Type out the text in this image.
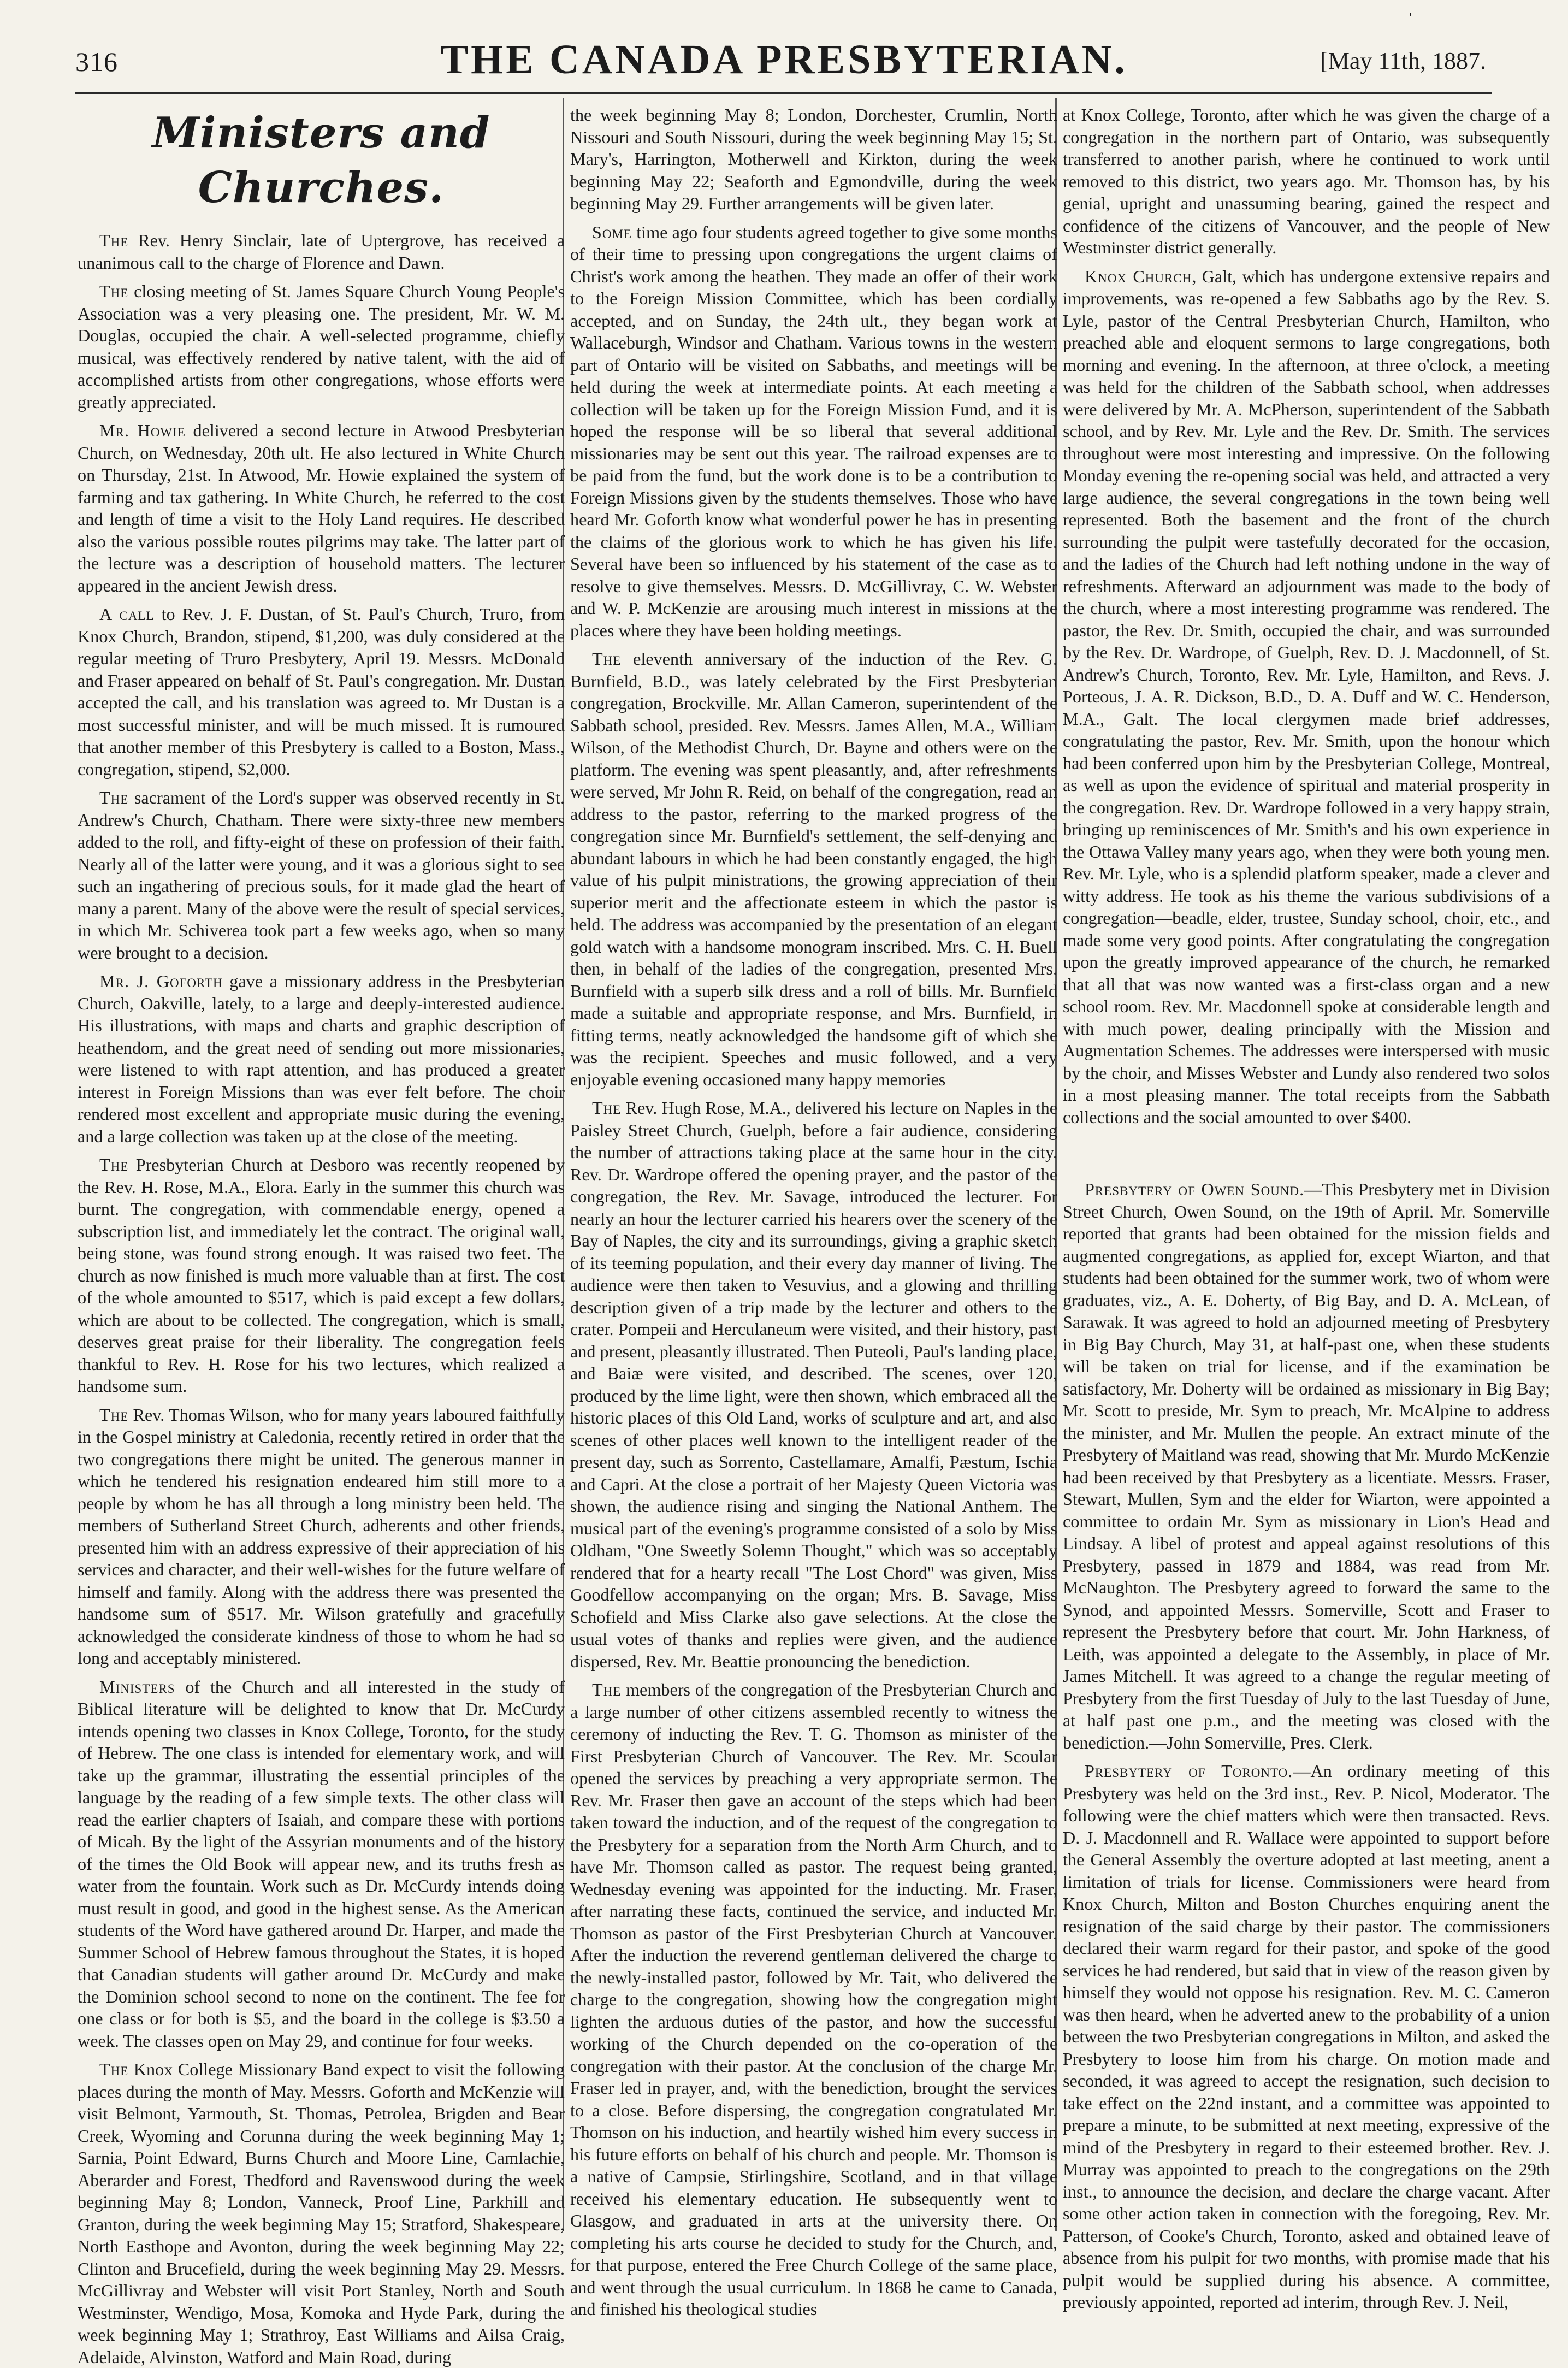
'
316	THE CANADA PRESBYTERIAN.	[May 11th, 1887.
Ministers and Churches.

The Rev. Henry Sinclair, late of Uptergrove, has received a unanimous call to the charge of Florence and Dawn.

The closing meeting of St. James Square Church Young People's Association was a very pleasing one. The president, Mr. W. M. Douglas, occupied the chair. A well-selected programme, chiefly musical, was effectively rendered by native talent, with the aid of accomplished artists from other congregations, whose efforts were greatly appreciated.

Mr. Howie delivered a second lecture in Atwood Presbyterian Church, on Wednesday, 20th ult. He also lectured in White Church on Thursday, 21st. In Atwood, Mr. Howie explained the system of farming and tax gathering. In White Church, he referred to the cost and length of time a visit to the Holy Land requires. He described also the various possible routes pilgrims may take. The latter part of the lecture was a description of household matters. The lecturer appeared in the ancient Jewish dress.

A call to Rev. J. F. Dustan, of St. Paul's Church, Truro, from Knox Church, Brandon, stipend, $1,200, was duly considered at the regular meeting of Truro Presbytery, April 19. Messrs. McDonald and Fraser appeared on behalf of St. Paul's congregation. Mr. Dustan accepted the call, and his translation was agreed to. Mr Dustan is a most successful minister, and will be much missed. It is rumoured that another member of this Presbytery is called to a Boston, Mass., congregation, stipend, $2,000.

The sacrament of the Lord's supper was observed recently in St. Andrew's Church, Chatham. There were sixty-three new members added to the roll, and fifty-eight of these on profession of their faith. Nearly all of the latter were young, and it was a glorious sight to see such an ingathering of precious souls, for it made glad the heart of many a parent. Many of the above were the result of special services, in which Mr. Schiverea took part a few weeks ago, when so many were brought to a decision.

Mr. J. Goforth gave a missionary address in the Presbyterian Church, Oakville, lately, to a large and deeply-interested audience. His illustrations, with maps and charts and graphic description of heathendom, and the great need of sending out more missionaries, were listened to with rapt attention, and has produced a greater interest in Foreign Missions than was ever felt before. The choir rendered most excellent and appropriate music during the evening, and a large collection was taken up at the close of the meeting.

The Presbyterian Church at Desboro was recently reopened by the Rev. H. Rose, M.A., Elora. Early in the summer this church was burnt. The congregation, with commendable energy, opened a subscription list, and immediately let the contract. The original wall, being stone, was found strong enough. It was raised two feet. The church as now finished is much more valuable than at first. The cost of the whole amounted to $517, which is paid except a few dollars, which are about to be collected. The congregation, which is small, deserves great praise for their liberality. The congregation feels thankful to Rev. H. Rose for his two lectures, which realized a handsome sum.

The Rev. Thomas Wilson, who for many years laboured faithfully in the Gospel ministry at Caledonia, recently retired in order that the two congregations there might be united. The generous manner in which he tendered his resignation endeared him still more to a people by whom he has all through a long ministry been held. The members of Sutherland Street Church, adherents and other friends, presented him with an address expressive of their appreciation of his services and character, and their well-wishes for the future welfare of himself and family. Along with the address there was presented the handsome sum of $517. Mr. Wilson gratefully and gracefully acknowledged the considerate kindness of those to whom he had so long and acceptably ministered.

Ministers of the Church and all interested in the study of Biblical literature will be delighted to know that Dr. McCurdy intends opening two classes in Knox College, Toronto, for the study of Hebrew. The one class is intended for elementary work, and will take up the grammar, illustrating the essential principles of the language by the reading of a few simple texts. The other class will read the earlier chapters of Isaiah, and compare these with portions of Micah. By the light of the Assyrian monuments and of the history of the times the Old Book will appear new, and its truths fresh as water from the fountain. Work such as Dr. McCurdy intends doing must result in good, and good in the highest sense. As the American students of the Word have gathered around Dr. Harper, and made the Summer School of Hebrew famous throughout the States, it is hoped that Canadian students will gather around Dr. McCurdy and make the Dominion school second to none on the continent. The fee for one class or for both is $5, and the board in the college is $3.50 a week. The classes open on May 29, and continue for four weeks.

The Knox College Missionary Band expect to visit the following places during the month of May. Messrs. Goforth and McKenzie will visit Belmont, Yarmouth, St. Thomas, Petrolea, Brigden and Bear Creek, Wyoming and Corunna during the week beginning May 1; Sarnia, Point Edward, Burns Church and Moore Line, Camlachie, Aberarder and Forest, Thedford and Ravenswood during the week beginning May 8; London, Vanneck, Proof Line, Parkhill and Granton, during the week beginning May 15; Stratford, Shakespeare, North Easthope and Avonton, during the week beginning May 22; Clinton and Brucefield, during the week beginning May 29. Messrs. McGillivray and Webster will visit Port Stanley, North and South Westminster, Wendigo, Mosa, Komoka and Hyde Park, during the week beginning May 1; Strathroy, East Williams and Ailsa Craig, Adelaide, Alvinston, Watford and Main Road, during

the week beginning May 8; London, Dorchester, Crumlin, North Nissouri and South Nissouri, during the week beginning May 15; St. Mary's, Harrington, Motherwell and Kirkton, during the week beginning May 22; Seaforth and Egmondville, during the week beginning May 29. Further arrangements will be given later.

Some time ago four students agreed together to give some months of their time to pressing upon congregations the urgent claims of Christ's work among the heathen. They made an offer of their work to the Foreign Mission Committee, which has been cordially accepted, and on Sunday, the 24th ult., they began work at Wallaceburgh, Windsor and Chatham. Various towns in the western part of Ontario will be visited on Sabbaths, and meetings will be held during the week at intermediate points. At each meeting a collection will be taken up for the Foreign Mission Fund, and it is hoped the response will be so liberal that several additional missionaries may be sent out this year. The railroad expenses are to be paid from the fund, but the work done is to be a contribution to Foreign Missions given by the students themselves. Those who have heard Mr. Goforth know what wonderful power he has in presenting the claims of the glorious work to which he has given his life. Several have been so influenced by his statement of the case as to resolve to give themselves. Messrs. D. McGillivray, C. W. Webster and W. P. McKenzie are arousing much interest in missions at the places where they have been holding meetings.

The eleventh anniversary of the induction of the Rev. G. Burnfield, B.D., was lately celebrated by the First Presbyterian congregation, Brockville. Mr. Allan Cameron, superintendent of the Sabbath school, presided. Rev. Messrs. James Allen, M.A., William Wilson, of the Methodist Church, Dr. Bayne and others were on the platform. The evening was spent pleasantly, and, after refreshments were served, Mr John R. Reid, on behalf of the congregation, read an address to the pastor, referring to the marked progress of the congregation since Mr. Burnfield's settlement, the self-denying and abundant labours in which he had been constantly engaged, the high value of his pulpit ministrations, the growing appreciation of their superior merit and the affectionate esteem in which the pastor is held. The address was accompanied by the presentation of an elegant gold watch with a handsome monogram inscribed. Mrs. C. H. Buell then, in behalf of the ladies of the congregation, presented Mrs. Burnfield with a superb silk dress and a roll of bills. Mr. Burnfield made a suitable and appropriate response, and Mrs. Burnfield, in fitting terms, neatly acknowledged the handsome gift of which she was the recipient. Speeches and music followed, and a very enjoyable evening occasioned many happy memories

The Rev. Hugh Rose, M.A., delivered his lecture on Naples in the Paisley Street Church, Guelph, before a fair audience, considering the number of attractions taking place at the same hour in the city. Rev. Dr. Wardrope offered the opening prayer, and the pastor of the congregation, the Rev. Mr. Savage, introduced the lecturer. For nearly an hour the lecturer carried his hearers over the scenery of the Bay of Naples, the city and its surroundings, giving a graphic sketch of its teeming population, and their every day manner of living. The audience were then taken to Vesuvius, and a glowing and thrilling description given of a trip made by the lecturer and others to the crater. Pompeii and Herculaneum were visited, and their history, past and present, pleasantly illustrated. Then Puteoli, Paul's landing place, and Baiæ were visited, and described. The scenes, over 120, produced by the lime light, were then shown, which embraced all the historic places of this Old Land, works of sculpture and art, and also scenes of other places well known to the intelligent reader of the present day, such as Sorrento, Castellamare, Amalfi, Pæstum, Ischia and Capri. At the close a portrait of her Majesty Queen Victoria was shown, the audience rising and singing the National Anthem. The musical part of the evening's programme consisted of a solo by Miss Oldham, "One Sweetly Solemn Thought," which was so acceptably rendered that for a hearty recall "The Lost Chord" was given, Miss Goodfellow accompanying on the organ; Mrs. B. Savage, Miss Schofield and Miss Clarke also gave selections. At the close the usual votes of thanks and replies were given, and the audience dispersed, Rev. Mr. Beattie pronouncing the benediction.

The members of the congregation of the Presbyterian Church and a large number of other citizens assembled recently to witness the ceremony of inducting the Rev. T. G. Thomson as minister of the First Presbyterian Church of Vancouver. The Rev. Mr. Scoular opened the services by preaching a very appropriate sermon. The Rev. Mr. Fraser then gave an account of the steps which had been taken toward the induction, and of the request of the congregation to the Presbytery for a separation from the North Arm Church, and to have Mr. Thomson called as pastor. The request being granted, Wednesday evening was appointed for the inducting. Mr. Fraser, after narrating these facts, continued the service, and inducted Mr. Thomson as pastor of the First Presbyterian Church at Vancouver. After the induction the reverend gentleman delivered the charge to the newly-installed pastor, followed by Mr. Tait, who delivered the charge to the congregation, showing how the congregation might lighten the arduous duties of the pastor, and how the successful working of the Church depended on the co-operation of the congregation with their pastor. At the conclusion of the charge Mr. Fraser led in prayer, and, with the benediction, brought the services to a close. Before dispersing, the congregation congratulated Mr. Thomson on his induction, and heartily wished him every success in his future efforts on behalf of his church and people. Mr. Thomson is a native of Campsie, Stirlingshire, Scotland, and in that village received his elementary education. He subsequently went to Glasgow, and graduated in arts at the university there. On completing his arts course he decided to study for the Church, and, for that purpose, entered the Free Church College of the same place, and went through the usual curriculum. In 1868 he came to Canada, and finished his theological studies

at Knox College, Toronto, after which he was given the charge of a congregation in the northern part of Ontario, was subsequently transferred to another parish, where he continued to work until removed to this district, two years ago. Mr. Thomson has, by his genial, upright and unassuming bearing, gained the respect and confidence of the citizens of Vancouver, and the people of New Westminster district generally.

Knox Church, Galt, which has undergone extensive repairs and improvements, was re-opened a few Sabbaths ago by the Rev. S. Lyle, pastor of the Central Presbyterian Church, Hamilton, who preached able and eloquent sermons to large congregations, both morning and evening. In the afternoon, at three o'clock, a meeting was held for the children of the Sabbath school, when addresses were delivered by Mr. A. McPherson, superintendent of the Sabbath school, and by Rev. Mr. Lyle and the Rev. Dr. Smith. The services throughout were most interesting and impressive. On the following Monday evening the re-opening social was held, and attracted a very large audience, the several congregations in the town being well represented. Both the basement and the front of the church surrounding the pulpit were tastefully decorated for the occasion, and the ladies of the Church had left nothing undone in the way of refreshments. Afterward an adjournment was made to the body of the church, where a most interesting programme was rendered. The pastor, the Rev. Dr. Smith, occupied the chair, and was surrounded by the Rev. Dr. Wardrope, of Guelph, Rev. D. J. Macdonnell, of St. Andrew's Church, Toronto, Rev. Mr. Lyle, Hamilton, and Revs. J. Porteous, J. A. R. Dickson, B.D., D. A. Duff and W. C. Henderson, M.A., Galt. The local clergymen made brief addresses, congratulating the pastor, Rev. Mr. Smith, upon the honour which had been conferred upon him by the Presbyterian College, Montreal, as well as upon the evidence of spiritual and material prosperity in the congregation. Rev. Dr. Wardrope followed in a very happy strain, bringing up reminiscences of Mr. Smith's and his own experience in the Ottawa Valley many years ago, when they were both young men. Rev. Mr. Lyle, who is a splendid platform speaker, made a clever and witty address. He took as his theme the various subdivisions of a congregation—beadle, elder, trustee, Sunday school, choir, etc., and made some very good points. After congratulating the congregation upon the greatly improved appearance of the church, he remarked that all that was now wanted was a first-class organ and a new school room. Rev. Mr. Macdonnell spoke at considerable length and with much power, dealing principally with the Mission and Augmentation Schemes. The addresses were interspersed with music by the choir, and Misses Webster and Lundy also rendered two solos in a most pleasing manner. The total receipts from the Sabbath collections and the social amounted to over $400.

Presbytery of Owen Sound.—This Presbytery met in Division Street Church, Owen Sound, on the 19th of April. Mr. Somerville reported that grants had been obtained for the mission fields and augmented congregations, as applied for, except Wiarton, and that students had been obtained for the summer work, two of whom were graduates, viz., A. E. Doherty, of Big Bay, and D. A. McLean, of Sarawak. It was agreed to hold an adjourned meeting of Presbytery in Big Bay Church, May 31, at half-past one, when these students will be taken on trial for license, and if the examination be satisfactory, Mr. Doherty will be ordained as missionary in Big Bay; Mr. Scott to preside, Mr. Sym to preach, Mr. McAlpine to address the minister, and Mr. Mullen the people. An extract minute of the Presbytery of Maitland was read, showing that Mr. Murdo McKenzie had been received by that Presbytery as a licentiate. Messrs. Fraser, Stewart, Mullen, Sym and the elder for Wiarton, were appointed a committee to ordain Mr. Sym as missionary in Lion's Head and Lindsay. A libel of protest and appeal against resolutions of this Presbytery, passed in 1879 and 1884, was read from Mr. McNaughton. The Presbytery agreed to forward the same to the Synod, and appointed Messrs. Somerville, Scott and Fraser to represent the Presbytery before that court. Mr. John Harkness, of Leith, was appointed a delegate to the Assembly, in place of Mr. James Mitchell. It was agreed to a change the regular meeting of Presbytery from the first Tuesday of July to the last Tuesday of June, at half past one p.m., and the meeting was closed with the benediction.—John Somerville, Pres. Clerk.

Presbytery of Toronto.—An ordinary meeting of this Presbytery was held on the 3rd inst., Rev. P. Nicol, Moderator. The following were the chief matters which were then transacted. Revs. D. J. Macdonnell and R. Wallace were appointed to support before the General Assembly the overture adopted at last meeting, anent a limitation of trials for license. Commissioners were heard from Knox Church, Milton and Boston Churches enquiring anent the resignation of the said charge by their pastor. The commissioners declared their warm regard for their pastor, and spoke of the good services he had rendered, but said that in view of the reason given by himself they would not oppose his resignation. Rev. M. C. Cameron was then heard, when he adverted anew to the probability of a union between the two Presbyterian congregations in Milton, and asked the Presbytery to loose him from his charge. On motion made and seconded, it was agreed to accept the resignation, such decision to take effect on the 22nd instant, and a committee was appointed to prepare a minute, to be submitted at next meeting, expressive of the mind of the Presbytery in regard to their esteemed brother. Rev. J. Murray was appointed to preach to the congregations on the 29th inst., to announce the decision, and declare the charge vacant. After some other action taken in connection with the foregoing, Rev. Mr. Patterson, of Cooke's Church, Toronto, asked and obtained leave of absence from his pulpit for two months, with promise made that his pulpit would be supplied during his absence. A committee, previously appointed, reported ad interim, through Rev. J. Neil,
